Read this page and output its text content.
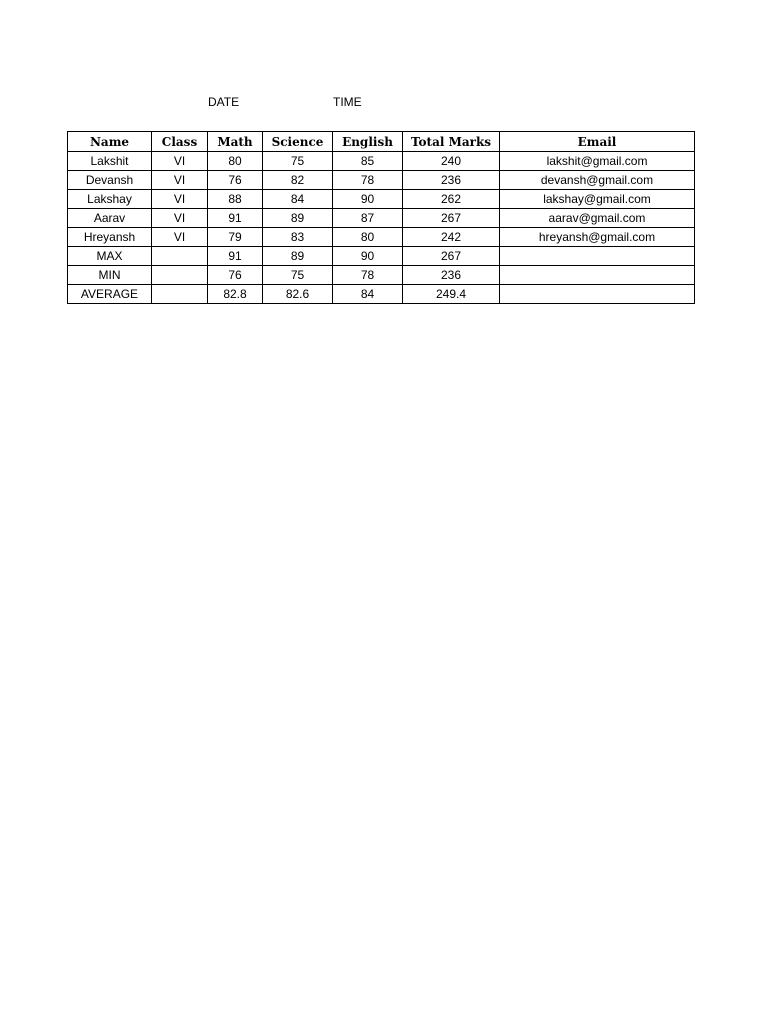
DATE	TIME
Name	Class	Math	Science	English	Total Marks	Email
Lakshit	VI	80	75	85	240	lakshit@gmail.com
Devansh	VI	76	82	78	236	devansh@gmail.com
Lakshay	VI	88	84	90	262	lakshay@gmail.com
Aarav	VI	91	89	87	267	aarav@gmail.com
Hreyansh	VI	79	83	80	242	hreyansh@gmail.com
MAX		91	89	90	267	
MIN		76	75	78	236	
AVERAGE		82.8	82.6	84	249.4	
